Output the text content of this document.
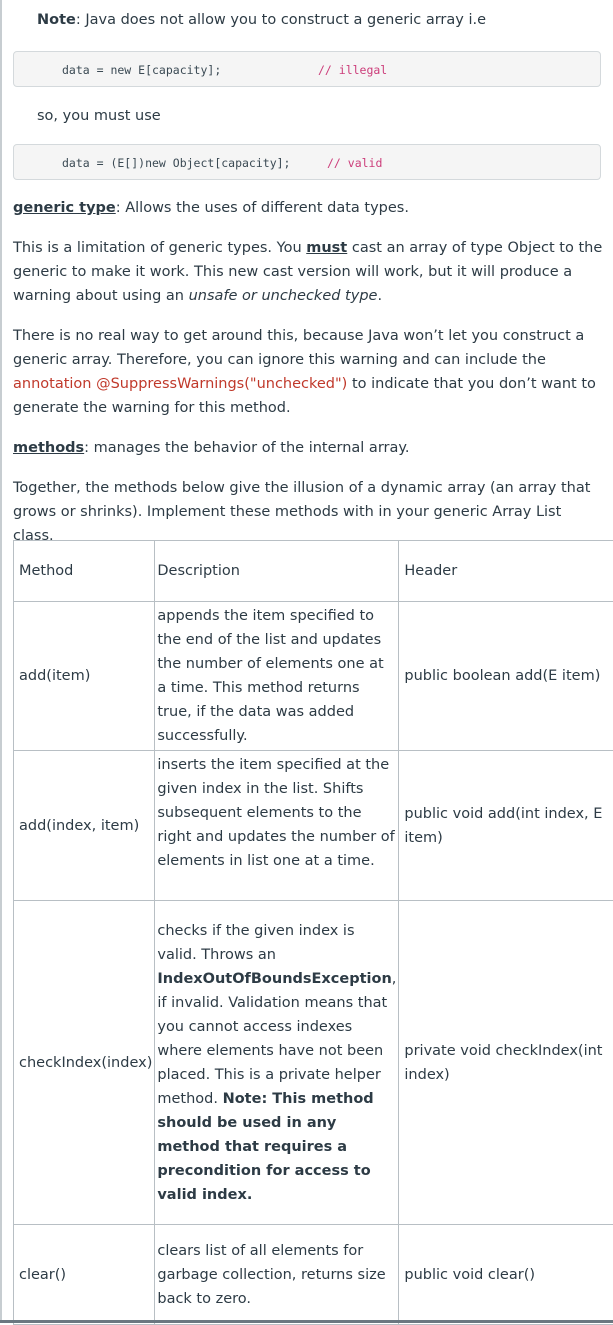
Note: Java does not allow you to construct a generic array i.e
data = new E[capacity];	// illegal
so, you must use
data = (E[])new Object[capacity];	// valid
generic type: Allows the uses of different data types.
This is a limitation of generic types. You must cast an array of type Object to the generic to make it work. This new cast version will work, but it will produce a warning about using an unsafe or unchecked type.
There is no real way to get around this, because Java won’t let you construct a generic array. Therefore, you can ignore this warning and can include the annotation @SuppressWarnings("unchecked") to indicate that you don’t want to generate the warning for this method.
methods: manages the behavior of the internal array.
Together, the methods below give the illusion of a dynamic array (an array that grows or shrinks). Implement these methods with in your generic Array List class.
Method	Description	Header
add(item)	appends the item specified to the end of the list and updates the number of elements one at a time. This method returns true, if the data was added successfully.	public boolean add(E item)
add(index, item)	inserts the item specified at the given index in the list. Shifts subsequent elements to the right and updates the number of elements in list one at a time.	public void add(int index, E item)
checkIndex(index)	checks if the given index is valid. Throws an IndexOutOfBoundsException, if invalid. Validation means that you cannot access indexes where elements have not been placed. This is a private helper method. Note: This method should be used in any method that requires a precondition for access to valid index.	private void checkIndex(int index)
clear()	clears list of all elements for garbage collection, returns size back to zero.	public void clear()
